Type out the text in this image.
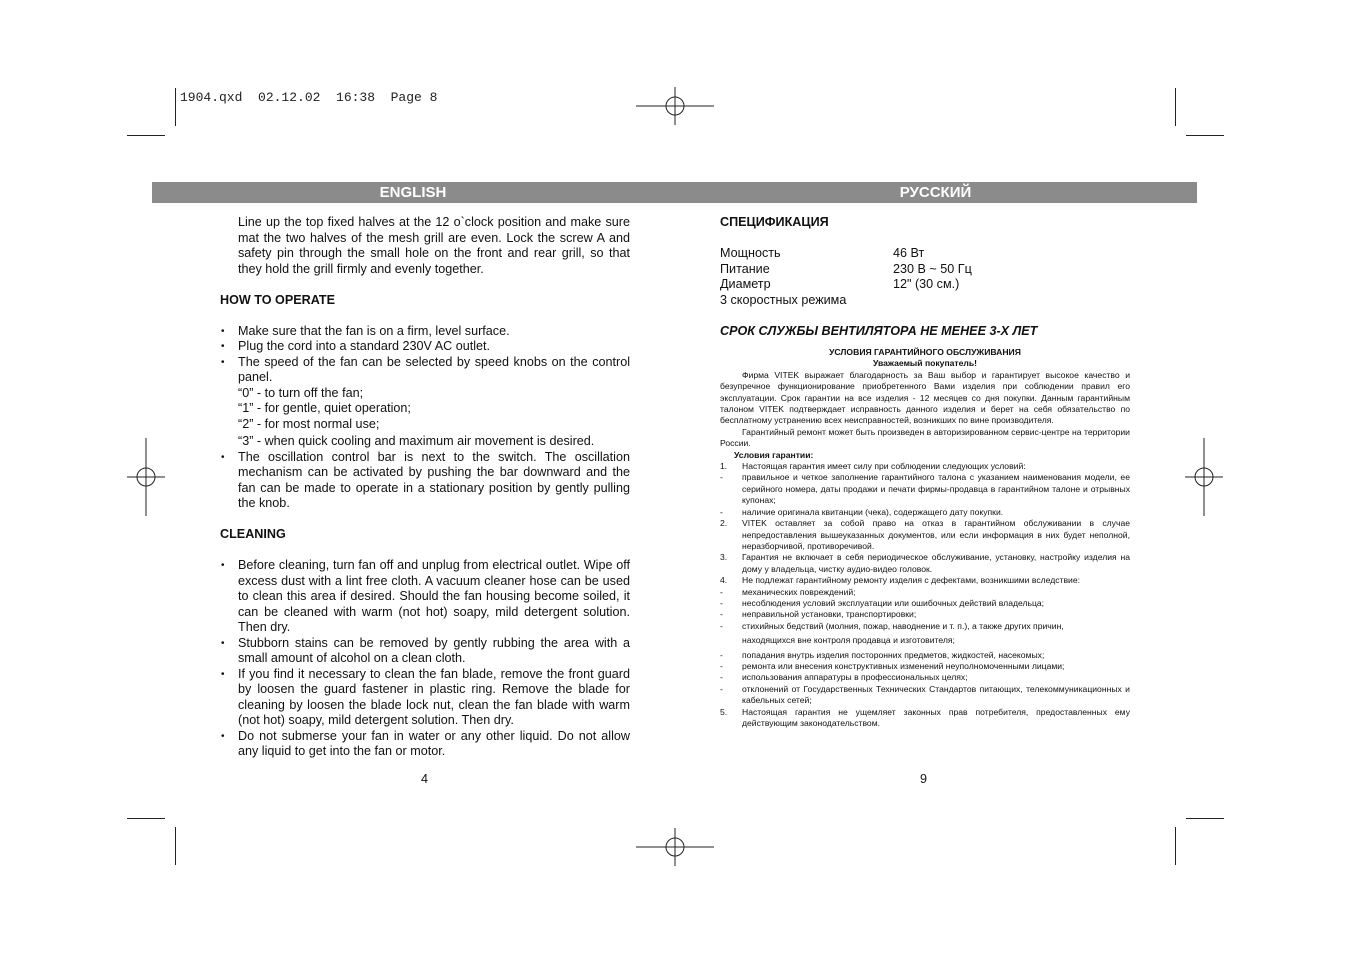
1904.qxd  02.12.02  16:38  Page 8
ENGLISH	РУССКИЙ

Line up the top fixed halves at the 12 o`clock position and make sure mat the two halves of the mesh grill are even. Lock the screw A and safety pin through the small hole on the front and rear grill, so that they hold the grill firmly and evenly together.

HOW TO OPERATE
• Make sure that the fan is on a firm, level surface.
• Plug the cord into a standard 230V AC outlet.
• The speed of the fan can be selected by speed knobs on the control panel.
“0” - to turn off the fan;
“1” - for gentle, quiet operation;
“2” - for most normal use;
“3” - when quick cooling and maximum air movement is desired.
• The oscillation control bar is next to the switch. The oscillation mechanism can be activated by pushing the bar downward and the fan can be made to operate in a stationary position by gently pulling the knob.
CLEANING
• Before cleaning, turn fan off and unplug from electrical outlet. Wipe off excess dust with a lint free cloth. A vacuum cleaner hose can be used to clean this area if desired. Should the fan housing become soiled, it can be cleaned with warm (not hot) soapy, mild detergent solution. Then dry.
• Stubborn stains can be removed by gently rubbing the area with a small amount of alcohol on a clean cloth.
• If you find it necessary to clean the fan blade, remove the front guard by loosen the guard fastener in plastic ring. Remove the blade for cleaning by loosen the blade lock nut, clean the fan blade with warm (not hot) soapy, mild detergent solution. Then dry.
• Do not submerse your fan in water or any other liquid. Do not allow any liquid to get into the fan or motor.
4
СПЕЦИФИКАЦИЯ
Мощность	46 Вт
Питание	230 В ~ 50 Гц
Диаметр	12" (30 см.)
3 скоростных режима
СРОК СЛУЖБЫ ВЕНТИЛЯТОРА НЕ МЕНЕЕ 3-Х ЛЕТ
УСЛОВИЯ ГАРАНТИЙНОГО ОБСЛУЖИВАНИЯ
Уважаемый покупатель!
Фирма VITEK выражает благодарность за Ваш выбор и гарантирует высокое качество и безупречное функционирование приобретенного Вами изделия при соблюдении правил его эксплуатации. Срок гарантии на все изделия - 12 месяцев со дня покупки. Данным гарантийным талоном VITEK подтверждает исправность данного изделия и берет на себя обязательство по бесплатному устранению всех неисправностей, возникших по вине производителя.
Гарантийный ремонт может быть произведен в авторизированном сервис-центре на территории России.
Условия гарантии:
1. Настоящая гарантия имеет силу при соблюдении следующих условий:
- правильное и четкое заполнение гарантийного талона с указанием наименования модели, ее серийного номера, даты продажи и печати фирмы-продавца в гарантийном талоне и отрывных купонах;
- наличие оригинала квитанции (чека), содержащего дату покупки.
2. VITEK оставляет за собой право на отказ в гарантийном обслуживании в случае непредоставления вышеуказанных документов, или если информация в них будет неполной, неразборчивой, противоречивой.
3. Гарантия не включает в себя периодическое обслуживание, установку, настройку изделия на дому у владельца, чистку аудио-видео головок.
4. Не подлежат гарантийному ремонту изделия с дефектами, возникшими вследствие:
- механических повреждений;
- несоблюдения условий эксплуатации или ошибочных действий владельца;
- неправильной установки, транспортировки;
- стихийных бедствий (молния, пожар, наводнение и т. п.), а также других причин,
находящихся вне контроля продавца и изготовителя;
- попадания внутрь изделия посторонних предметов, жидкостей, насекомых;
- ремонта или внесения конструктивных изменений неуполномоченными лицами;
- использования аппаратуры в профессиональных целях;
- отклонений от Государственных Технических Стандартов питающих, телекоммуникационных и кабельных сетей;
5. Настоящая гарантия не ущемляет законных прав потребителя, предоставленных ему действующим законодательством.
9
